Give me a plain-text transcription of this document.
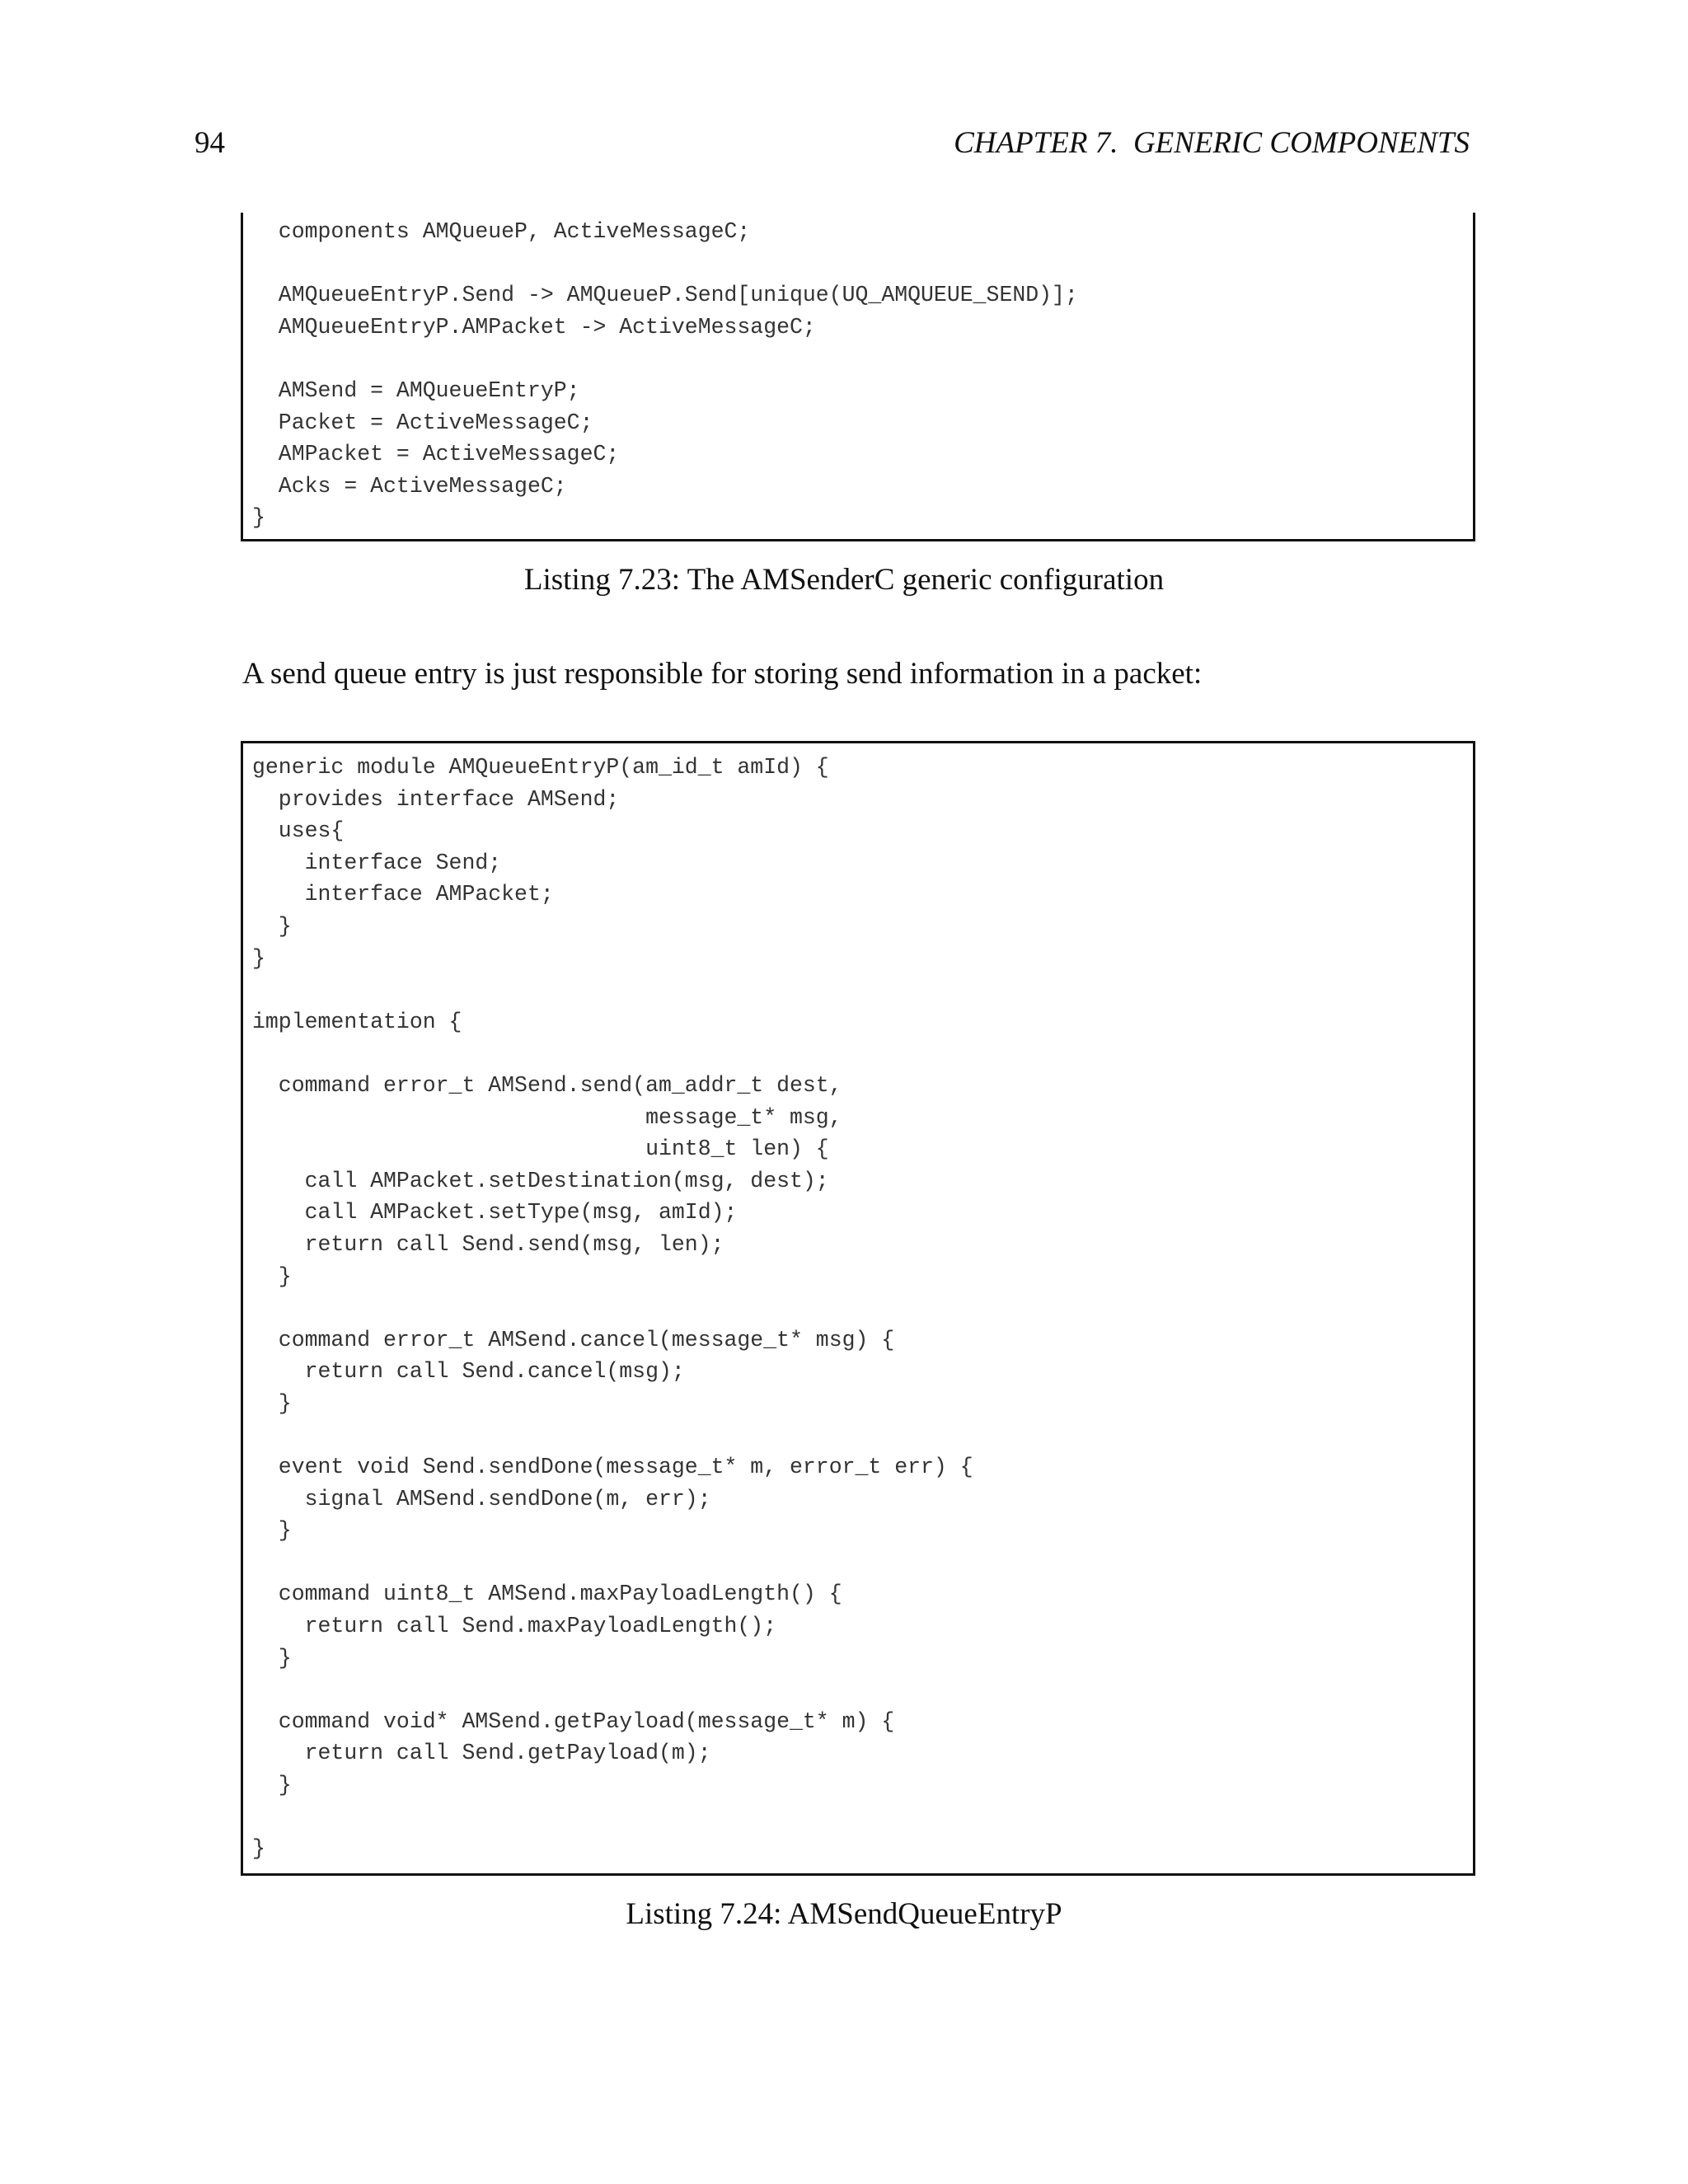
94	CHAPTER 7.  GENERIC COMPONENTS
components AMQueueP, ActiveMessageC;

AMQueueEntryP.Send -> AMQueueP.Send[unique(UQ_AMQUEUE_SEND)];
AMQueueEntryP.AMPacket -> ActiveMessageC;

AMSend = AMQueueEntryP;
Packet = ActiveMessageC;
AMPacket = ActiveMessageC;
Acks = ActiveMessageC;
}
Listing 7.23: The AMSenderC generic configuration
A send queue entry is just responsible for storing send information in a packet:
generic module AMQueueEntryP(am_id_t amId) {
provides interface AMSend;
uses{
interface Send;
interface AMPacket;
}
}

implementation {

command error_t AMSend.send(am_addr_t dest,
message_t* msg,
uint8_t len) {
call AMPacket.setDestination(msg, dest);
call AMPacket.setType(msg, amId);
return call Send.send(msg, len);
}

command error_t AMSend.cancel(message_t* msg) {
return call Send.cancel(msg);
}

event void Send.sendDone(message_t* m, error_t err) {
signal AMSend.sendDone(m, err);
}

command uint8_t AMSend.maxPayloadLength() {
return call Send.maxPayloadLength();
}

command void* AMSend.getPayload(message_t* m) {
return call Send.getPayload(m);
}

}
Listing 7.24: AMSendQueueEntryP
